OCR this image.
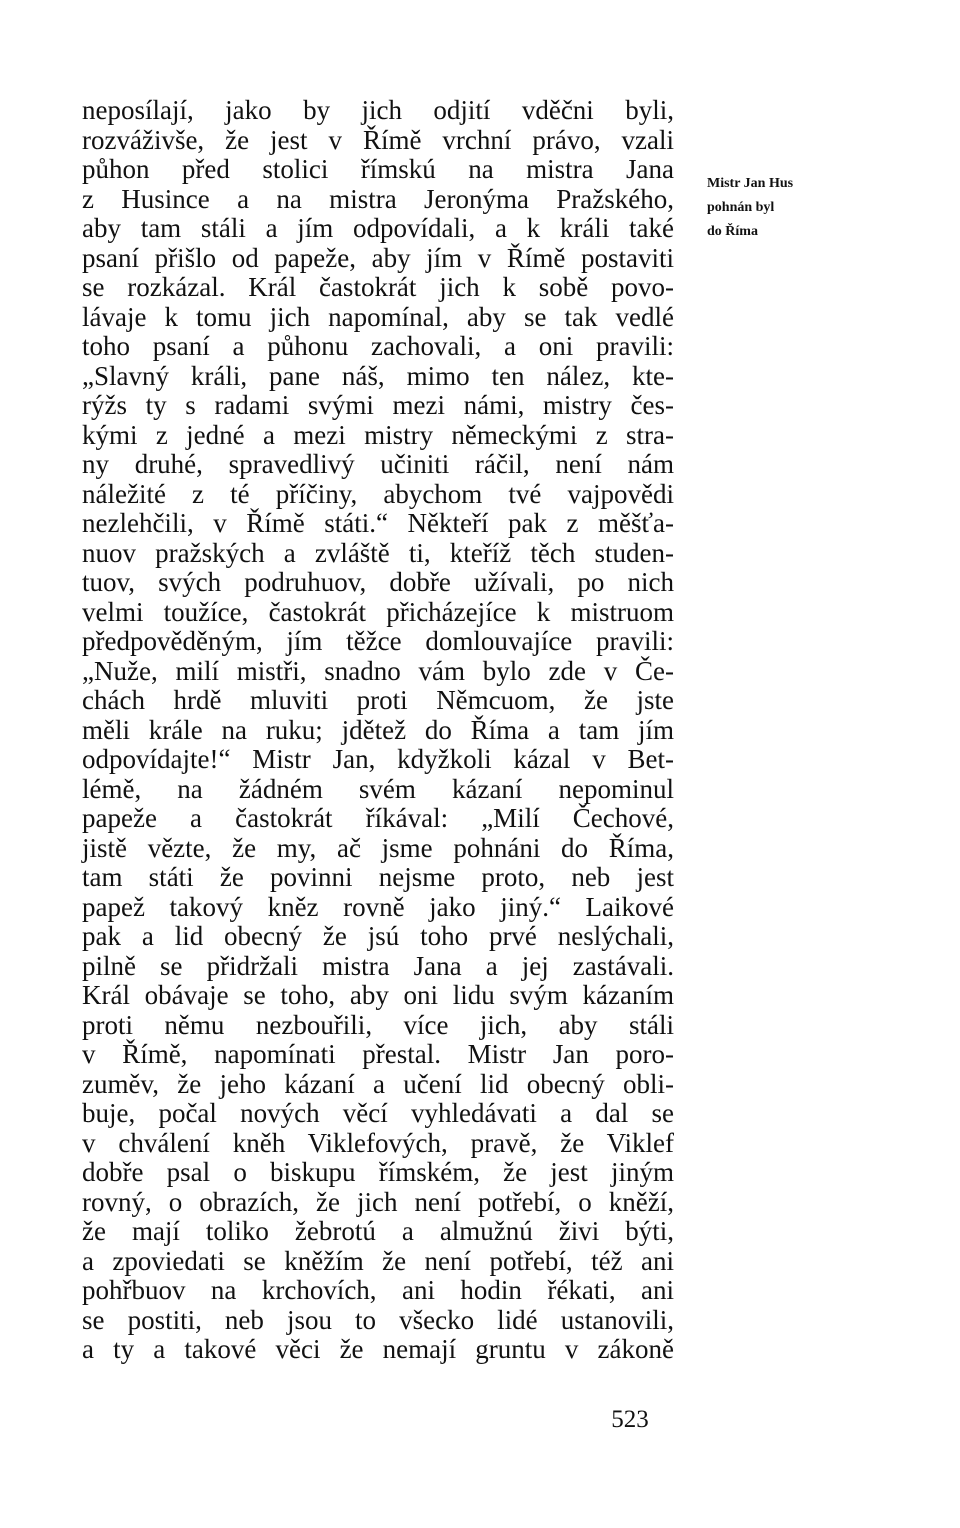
neposílají, jako by jich odjití vděčni byli,
rozváživše, že jest v Římě vrchní právo, vzali
půhon před stolici římskú na mistra Jana
z Husince a na mistra Jeronýma Pražského,
aby tam stáli a jím odpovídali, a k králi také
psaní přišlo od papeže, aby jím v Římě postaviti
se rozkázal. Král častokrát jich k sobě povo-
lávaje k tomu jich napomínal, aby se tak vedlé
toho psaní a půhonu zachovali, a oni pravili:
„Slavný králi, pane náš, mimo ten nález, kte-
rýžs ty s radami svými mezi námi, mistry čes-
kými z jedné a mezi mistry německými z stra-
ny druhé, spravedlivý učiniti ráčil, není nám
náležité z té příčiny, abychom tvé vajpovědi
nezlehčili, v Římě státi.“ Někteří pak z měšťa-
nuov pražských a zvláště ti, kteříž těch studen-
tuov, svých podruhuov, dobře užívali, po nich
velmi toužíce, častokrát přicházejíce k mistruom
předpověděným, jím těžce domlouvajíce pravili:
„Nuže, milí mistři, snadno vám bylo zde v Če-
chách hrdě mluviti proti Němcuom, že jste
měli krále na ruku; jdětež do Říma a tam jím
odpovídajte!“ Mistr Jan, kdyžkoli kázal v Bet-
lémě, na žádném svém kázaní nepominul
papeže a častokrát říkával: „Milí Čechové,
jistě vězte, že my, ač jsme pohnáni do Říma,
tam státi že povinni nejsme proto, neb jest
papež takový kněz rovně jako jiný.“ Laikové
pak a lid obecný že jsú toho prvé neslýchali,
pilně se přidržali mistra Jana a jej zastávali.
Král obávaje se toho, aby oni lidu svým kázaním
proti němu nezbouřili, více jich, aby stáli
v Římě, napomínati přestal. Mistr Jan poro-
zuměv, že jeho kázaní a učení lid obecný obli-
buje, počal nových věcí vyhledávati a dal se
v chválení kněh Viklefových, pravě, že Viklef
dobře psal o biskupu římském, že jest jiným
rovný, o obrazích, že jich není potřebí, o kněží,
že mají toliko žebrotú a almužnú živi býti,
a zpoviedati se kněžím že není potřebí, též ani
pohřbuov na krchovích, ani hodin řékati, ani
se postiti, neb jsou to všecko lidé ustanovili,
a ty a takové věci že nemají gruntu v zákoně
Mistr Jan Hus
pohnán byl
do Říma
523
